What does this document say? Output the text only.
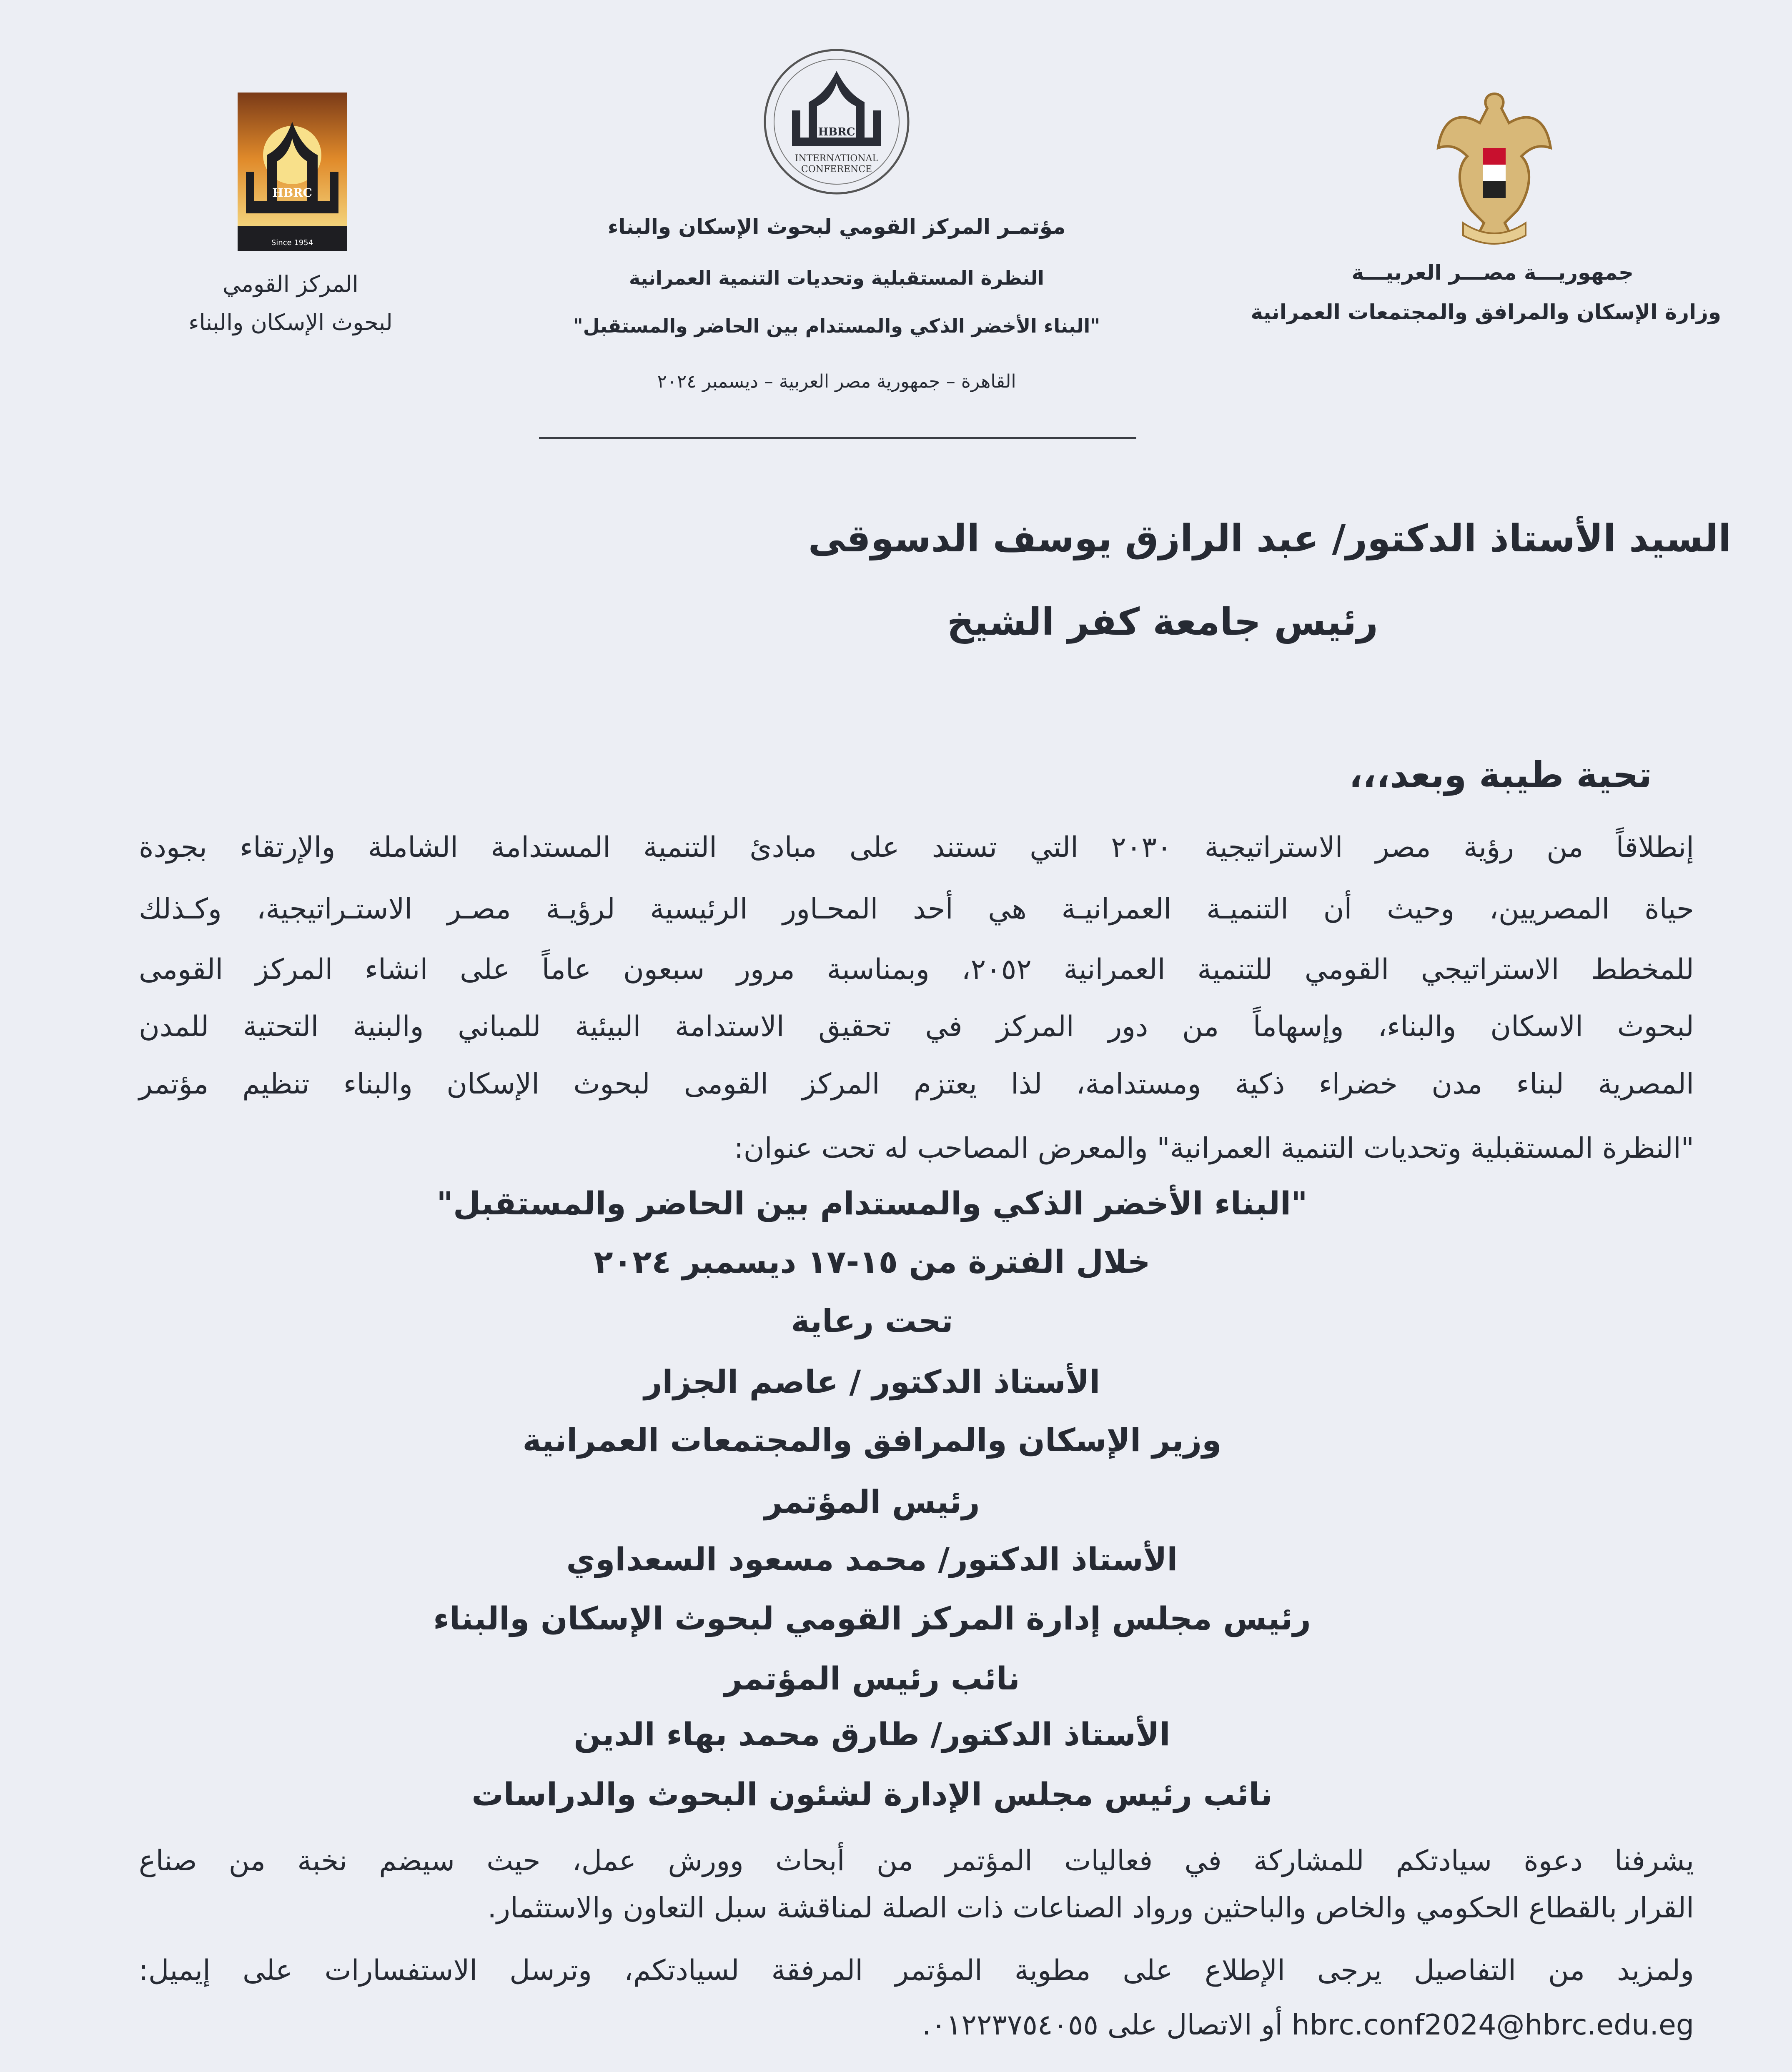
جمهوريـــة مصـــر العربيـــة
وزارة الإسكان والمرافق والمجتمعات العمرانية
HBRC
INTERNATIONAL
CONFERENCE
مؤتمـر المركز القومي لبحوث الإسكان والبناء
النظرة المستقبلية وتحديات التنمية العمرانية
"البناء الأخضر الذكي والمستدام بين الحاضر والمستقبل"
القاهرة – جمهورية مصر العربية – ديسمبر ٢٠٢٤
HBRC
Since 1954
المركز القومي
لبحوث الإسكان والبناء
السيد الأستاذ الدكتور/ عبد الرازق يوسف الدسوقى
رئيس جامعة كفر الشيخ
تحية طيبة وبعد،،،
إنطلاقاً من رؤية مصر الاستراتيجية ٢٠٣٠ التي تستند على مبادئ التنمية المستدامة الشاملة والإرتقاء بجودة
حياة المصريين، وحيث أن التنميـة العمرانيـة هي أحد المحـاور الرئيسية لرؤيـة مصـر الاستـراتيجية، وكـذلك
للمخطط الاستراتيجي القومي للتنمية العمرانية ٢٠٥٢، وبمناسبة مرور سبعون عاماً على انشاء المركز القومى
لبحوث الاسكان والبناء، وإسهاماً من دور المركز في تحقيق الاستدامة البيئية للمباني والبنية التحتية للمدن
المصرية لبناء مدن خضراء ذكية ومستدامة، لذا يعتزم المركز القومى لبحوث الإسكان والبناء تنظيم مؤتمر
"النظرة المستقبلية وتحديات التنمية العمرانية" والمعرض المصاحب له تحت عنوان:
"البناء الأخضر الذكي والمستدام بين الحاضر والمستقبل"
خلال الفترة من ١٥-١٧ ديسمبر ٢٠٢٤
تحت رعاية
الأستاذ الدكتور / عاصم الجزار
وزير الإسكان والمرافق والمجتمعات العمرانية
رئيس المؤتمر
الأستاذ الدكتور/ محمد مسعود السعداوي
رئيس مجلس إدارة المركز القومي لبحوث الإسكان والبناء
نائب رئيس المؤتمر
الأستاذ الدكتور/ طارق محمد بهاء الدين
نائب رئيس مجلس الإدارة لشئون البحوث والدراسات
يشرفنا دعوة سيادتكم للمشاركة في فعاليات المؤتمر من أبحاث وورش عمل، حيث سيضم نخبة من صناع
القرار بالقطاع الحكومي والخاص والباحثين ورواد الصناعات ذات الصلة لمناقشة سبل التعاون والاستثمار.
ولمزيد من التفاصيل يرجى الإطلاع على مطوية المؤتمر المرفقة لسيادتكم، وترسل الاستفسارات على إيميل:
hbrc.conf2024@hbrc.edu.eg أو الاتصال على ٠١٢٢٣٧٥٤٠٥٥.
